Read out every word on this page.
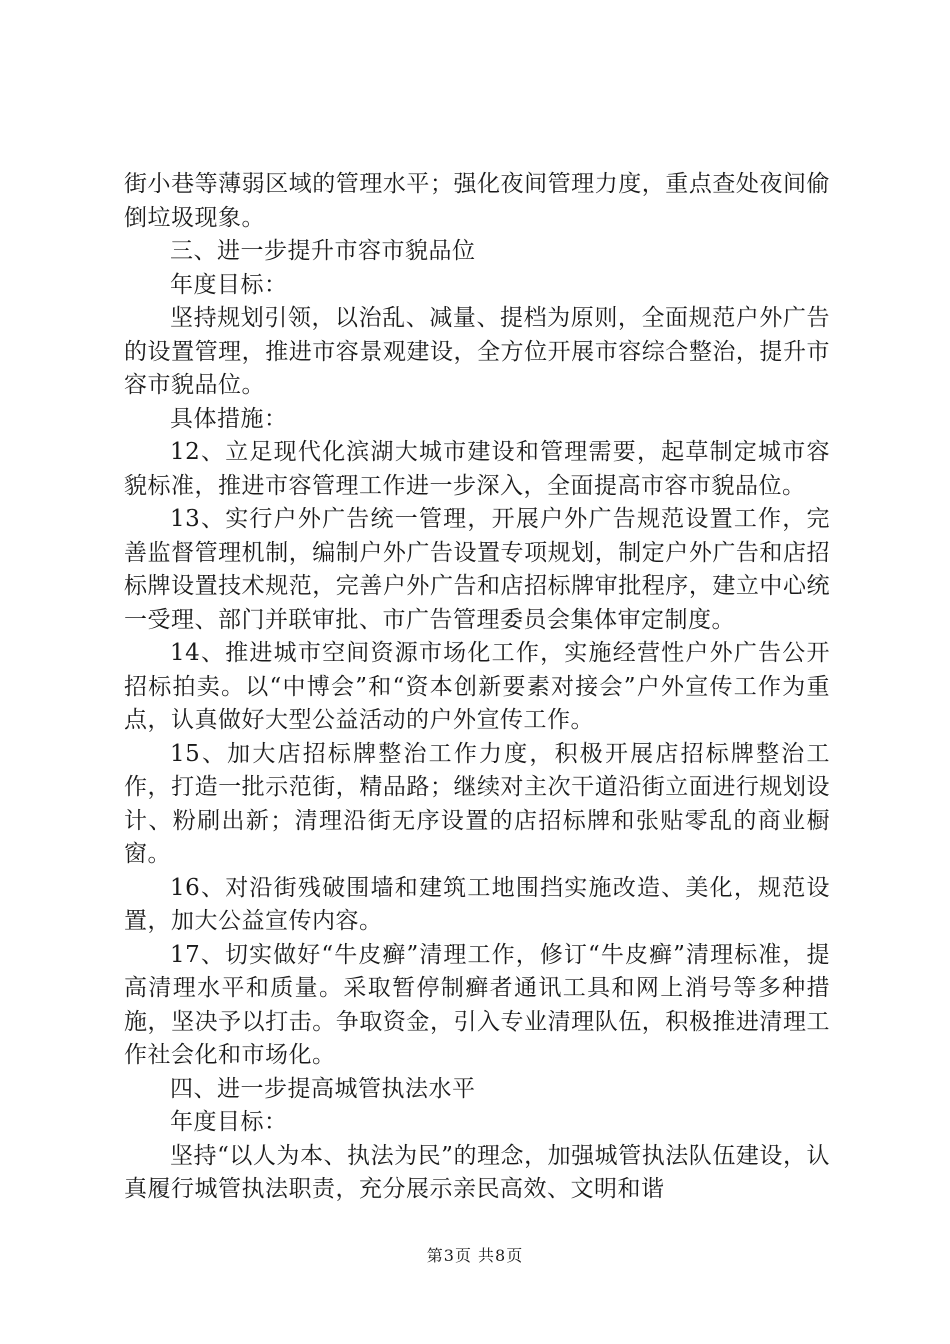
街小巷等薄弱区域的管理水平；强化夜间管理力度，重点查处夜间偷倒垃圾现象。

三、进一步提升市容市貌品位

年度目标：

坚持规划引领，以治乱、减量、提档为原则，全面规范户外广告的设置管理，推进市容景观建设，全方位开展市容综合整治，提升市容市貌品位。

具体措施：

12、立足现代化滨湖大城市建设和管理需要，起草制定城市容貌标准，推进市容管理工作进一步深入，全面提高市容市貌品位。

13、实行户外广告统一管理，开展户外广告规范设置工作，完善监督管理机制，编制户外广告设置专项规划，制定户外广告和店招标牌设置技术规范，完善户外广告和店招标牌审批程序，建立中心统一受理、部门并联审批、市广告管理委员会集体审定制度。

14、推进城市空间资源市场化工作，实施经营性户外广告公开招标拍卖。以“中博会”和“资本创新要素对接会”户外宣传工作为重点，认真做好大型公益活动的户外宣传工作。

15、加大店招标牌整治工作力度，积极开展店招标牌整治工作，打造一批示范街，精品路；继续对主次干道沿街立面进行规划设计、粉刷出新；清理沿街无序设置的店招标牌和张贴零乱的商业橱窗。

16、对沿街残破围墙和建筑工地围挡实施改造、美化，规范设置，加大公益宣传内容。

17、切实做好“牛皮癣”清理工作，修订“牛皮癣”清理标准，提高清理水平和质量。采取暂停制癣者通讯工具和网上消号等多种措施，坚决予以打击。争取资金，引入专业清理队伍，积极推进清理工作社会化和市场化。

四、进一步提高城管执法水平

年度目标：

坚持“以人为本、执法为民”的理念，加强城管执法队伍建设，认真履行城管执法职责，充分展示亲民高效、文明和谐

第3页 共8页
